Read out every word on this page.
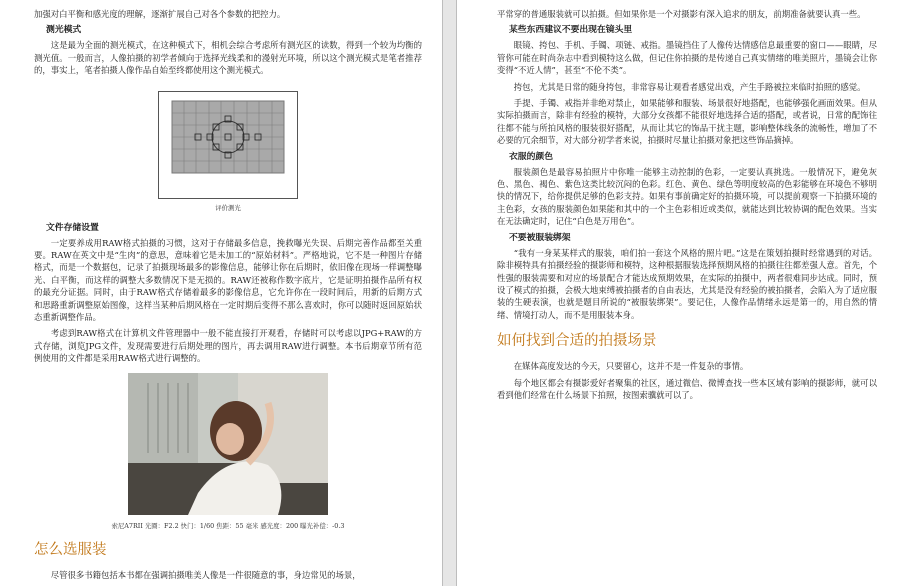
加强对白平衡和感光度的理解，逐渐扩展自己对各个参数的把控力。

测光模式

这是最为全面的测光模式，在这种模式下，相机会综合考虑所有测光区的读数，得到一个较为均衡的测光值。一般而言，人像拍摄的初学者倾向于选择光线柔和的漫射光环境，所以这个测光模式是笔者推荐的，事实上，笔者拍摄人像作品自始至终都使用这个测光模式。

评价测光
文件存储设置

一定要养成用RAW格式拍摄的习惯，这对于存储最多信息，挽救曝光失误、后期完善作品都至关重要。RAW在英文中是“生肉”的意思，意味着它是未加工的“原始材料”。严格地说，它不是一种图片存储格式，而是一个数据包，记录了拍摄现场最多的影像信息，能够让你在后期时，依旧像在现场一样调整曝光、白平衡，而这样的调整大多数情况下是无损的。RAW还被称作数字底片，它是证明拍摄作品所有权的最充分证据。同时，由于RAW格式存储着最多的影像信息，它允许你在一段时间后，用新的后期方式和思路重新调整原始图像，这样当某种后期风格在一定时期后变得不那么喜欢时，你可以随时返回原始状态重新调整作品。

考虑到RAW格式在计算机文件管理器中一般不能直接打开观看，存储时可以考虑以JPG+RAW的方式存储，浏览JPG文件，发现需要进行后期处理的图片，再去调用RAW进行调整。本书后期章节所有范例使用的文件都是采用RAW格式进行调整的。

索尼A7RII 光圈：F2.2 快门：1/60 焦距：55 毫米 感光度：200 曝光补偿：-0.3
怎么选服装

尽管很多书籍包括本书都在强调拍摄唯美人像是一件很随意的事，身边常见的场景，

平常穿的普通服装就可以拍摄。但如果你是一个对摄影有深入追求的朋友，前期准备就要认真一些。

某些东西建议不要出现在镜头里

眼镜、挎包、手机、手镯、项链、戒指。墨镜挡住了人像传达情感信息最重要的窗口——眼睛，尽管你可能在时尚杂志中看到模特这么做，但记住你拍摄的是传递自己真实情绪的唯美照片，墨镜会让你变得“不近人情”，甚至“不伦不类”。

挎包，尤其是日常的随身挎包，非常容易让观看者感觉出戏，产生手路被拉来临时拍照的感觉。

手提、手镯、戒指并非绝对禁止，如果能够和服装、场景很好地搭配，也能够强化画面效果。但从实际拍摄而言，除非有经验的模特，大部分女孩都不能很好地选择合适的搭配，或者说，日常的配饰往往都不能与所拍风格的服装很好搭配，从而让其它的饰品干扰主题，影响整体线条的流畅性，增加了不必要的冗余细节，对大部分初学者来说，拍摄时尽量让拍摄对象把这些饰品摘掉。

衣服的颜色

服装颜色是最容易拍照片中你唯一能够主动控制的色彩，一定要认真挑选。一般情况下，避免灰色、黑色、褐色、紫色这类比较沉闷的色彩。红色、黄色、绿色等明度较高的色彩能够在环境色不够明快的情况下，给你提供足够的色彩支持。如果有事前确定好的拍摄环境，可以提前观察一下拍摄环境的主色彩，女孩的服装颜色如果能和其中的一个主色彩相近或类似，就能达到比较协调的配色效果。当实在无法确定时，记住“白色是万用色”。

不要被服装绑架

“我有一身某某样式的服装，咱们拍一套这个风格的照片吧。”这是在策划拍摄时经常遇到的对话。除非模特具有拍摄经验的摄影师和模特，这种根据服装选择预期风格的拍摄往往都差强人意。首先，个性强的服装需要和对应的场景配合才能达成预期效果，在实际的拍摄中，两者很难同步达成。同时，预设了模式的拍摄，会极大地束缚被拍摄者的自由表达，尤其是没有经验的被拍摄者，会陷入为了适应服装的生硬表演，也就是题目所说的“被服装绑架”。要记住，人像作品情绪永远是第一的，用自然的情绪、情境打动人，而不是用服装本身。

如何找到合适的拍摄场景

在媒体高度发达的今天，只要留心，这并不是一件复杂的事情。

每个地区都会有摄影爱好者聚集的社区，通过微信、微博查找一些本区域有影响的摄影师，就可以看到他们经常在什么场景下拍照，按图索骥就可以了。
